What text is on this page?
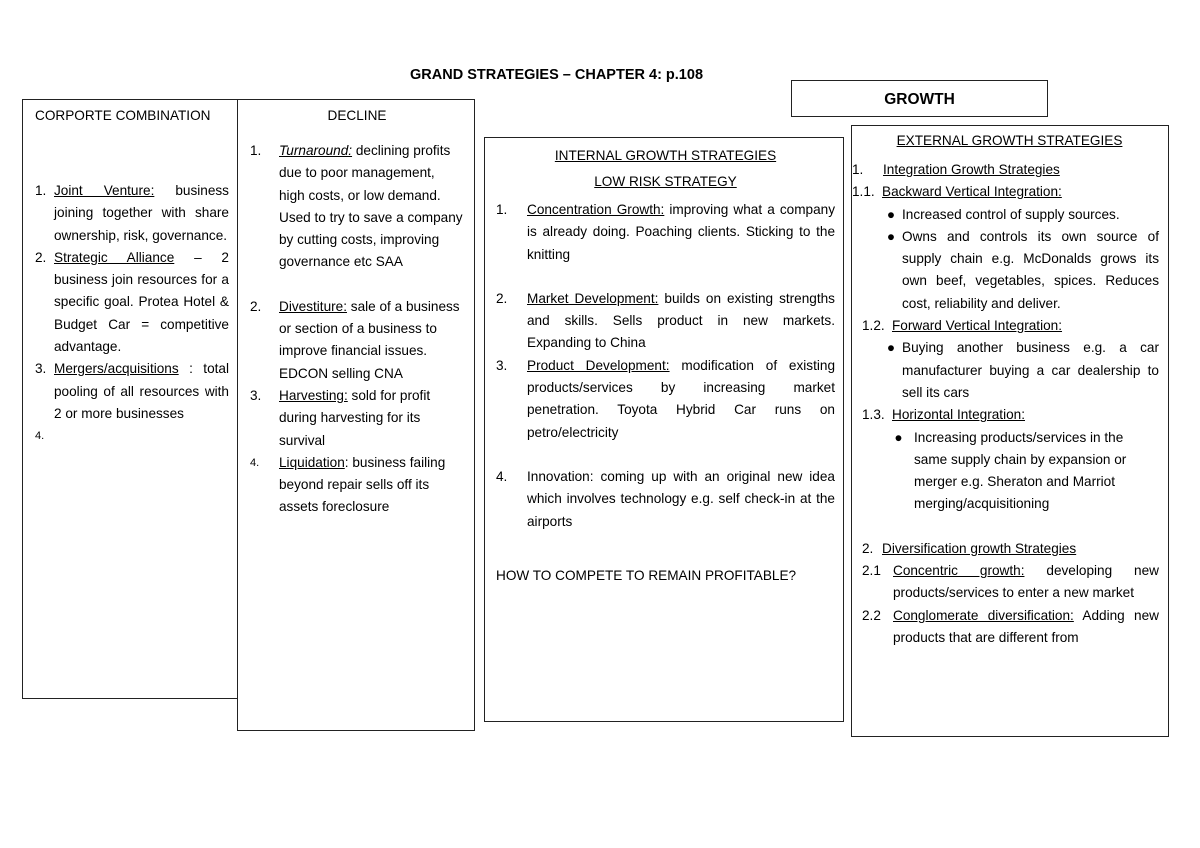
GRAND STRATEGIES – CHAPTER 4: p.108

CORPORTE COMBINATION

1. Joint Venture: business joining together with share ownership, risk, governance.
2. Strategic Alliance – 2 business join resources for a specific goal. Protea Hotel & Budget Car = competitive advantage.
3. Mergers/acquisitions : total pooling of all resources with 2 or more businesses
4.

DECLINE

1.	Turnaround: declining profits due to poor management, high costs, or low demand. Used to try to save a company by cutting costs, improving governance etc SAA
2.	Divestiture: sale of a business or section of a business to improve financial issues. EDCON selling CNA
3.	Harvesting: sold for profit during harvesting for its survival
4.	Liquidation: business failing beyond repair sells off its assets foreclosure

GROWTH

INTERNAL GROWTH STRATEGIES

LOW RISK STRATEGY

1.	Concentration Growth: improving what a company is already doing. Poaching clients. Sticking to the knitting
2.	Market Development: builds on existing strengths and skills. Sells product in new markets. Expanding to China
3.	Product Development: modification of existing products/services by increasing market penetration. Toyota Hybrid Car runs on petro/electricity
4.	Innovation: coming up with an original new idea which involves technology e.g. self check-in at the airports

HOW TO COMPETE TO REMAIN PROFITABLE?

EXTERNAL GROWTH STRATEGIES

1.	Integration Growth Strategies
1.1. Backward Vertical Integration:
● Increased control of supply sources.
● Owns and controls its own source of supply chain e.g. McDonalds grows its own beef, vegetables, spices. Reduces cost, reliability and deliver.
1.2. Forward Vertical Integration:
● Buying another business e.g. a car manufacturer buying a car dealership to sell its cars
1.3. Horizontal Integration:
● Increasing products/services in the same supply chain by expansion or merger e.g. Sheraton and Marriot merging/acquisitioning
2. Diversification growth Strategies
2.1 Concentric growth: developing new products/services to enter a new market
2.2 Conglomerate diversification: Adding new products that are different from
